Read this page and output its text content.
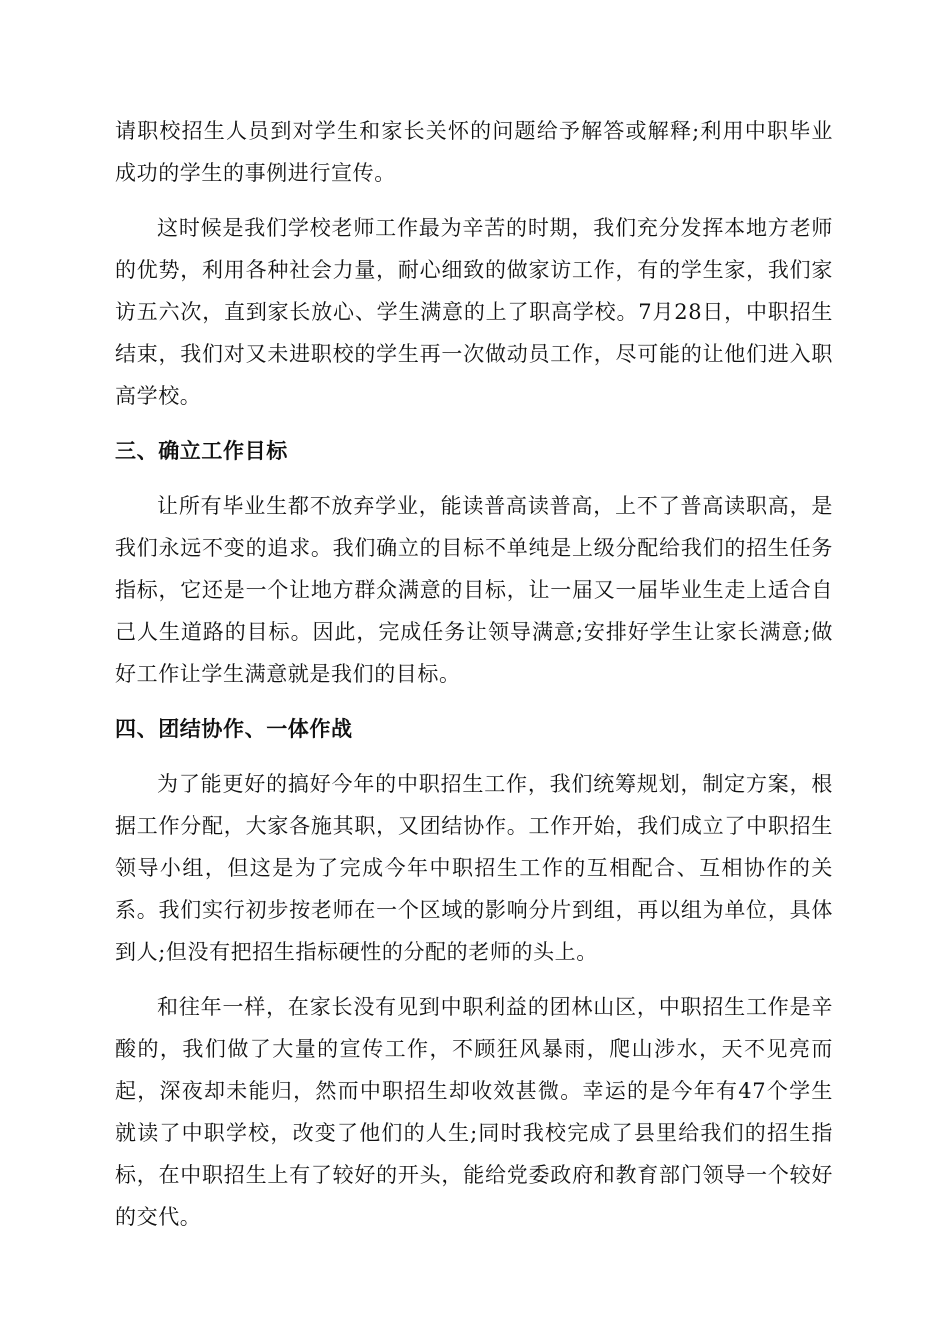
请职校招生人员到对学生和家长关怀的问题给予解答或解释;利用中职毕业成功的学生的事例进行宣传。

这时候是我们学校老师工作最为辛苦的时期，我们充分发挥本地方老师的优势，利用各种社会力量，耐心细致的做家访工作，有的学生家，我们家访五六次，直到家长放心、学生满意的上了职高学校。7月28日，中职招生结束，我们对又未进职校的学生再一次做动员工作，尽可能的让他们进入职高学校。

三、确立工作目标

让所有毕业生都不放弃学业，能读普高读普高，上不了普高读职高，是我们永远不变的追求。我们确立的目标不单纯是上级分配给我们的招生任务指标，它还是一个让地方群众满意的目标，让一届又一届毕业生走上适合自己人生道路的目标。因此，完成任务让领导满意;安排好学生让家长满意;做好工作让学生满意就是我们的目标。

四、团结协作、一体作战

为了能更好的搞好今年的中职招生工作，我们统筹规划，制定方案，根据工作分配，大家各施其职，又团结协作。工作开始，我们成立了中职招生领导小组，但这是为了完成今年中职招生工作的互相配合、互相协作的关系。我们实行初步按老师在一个区域的影响分片到组，再以组为单位，具体到人;但没有把招生指标硬性的分配的老师的头上。

和往年一样，在家长没有见到中职利益的团林山区，中职招生工作是辛酸的，我们做了大量的宣传工作，不顾狂风暴雨，爬山涉水，天不见亮而起，深夜却未能归，然而中职招生却收效甚微。幸运的是今年有47个学生就读了中职学校，改变了他们的人生;同时我校完成了县里给我们的招生指标，在中职招生上有了较好的开头，能给党委政府和教育部门领导一个较好的交代。
